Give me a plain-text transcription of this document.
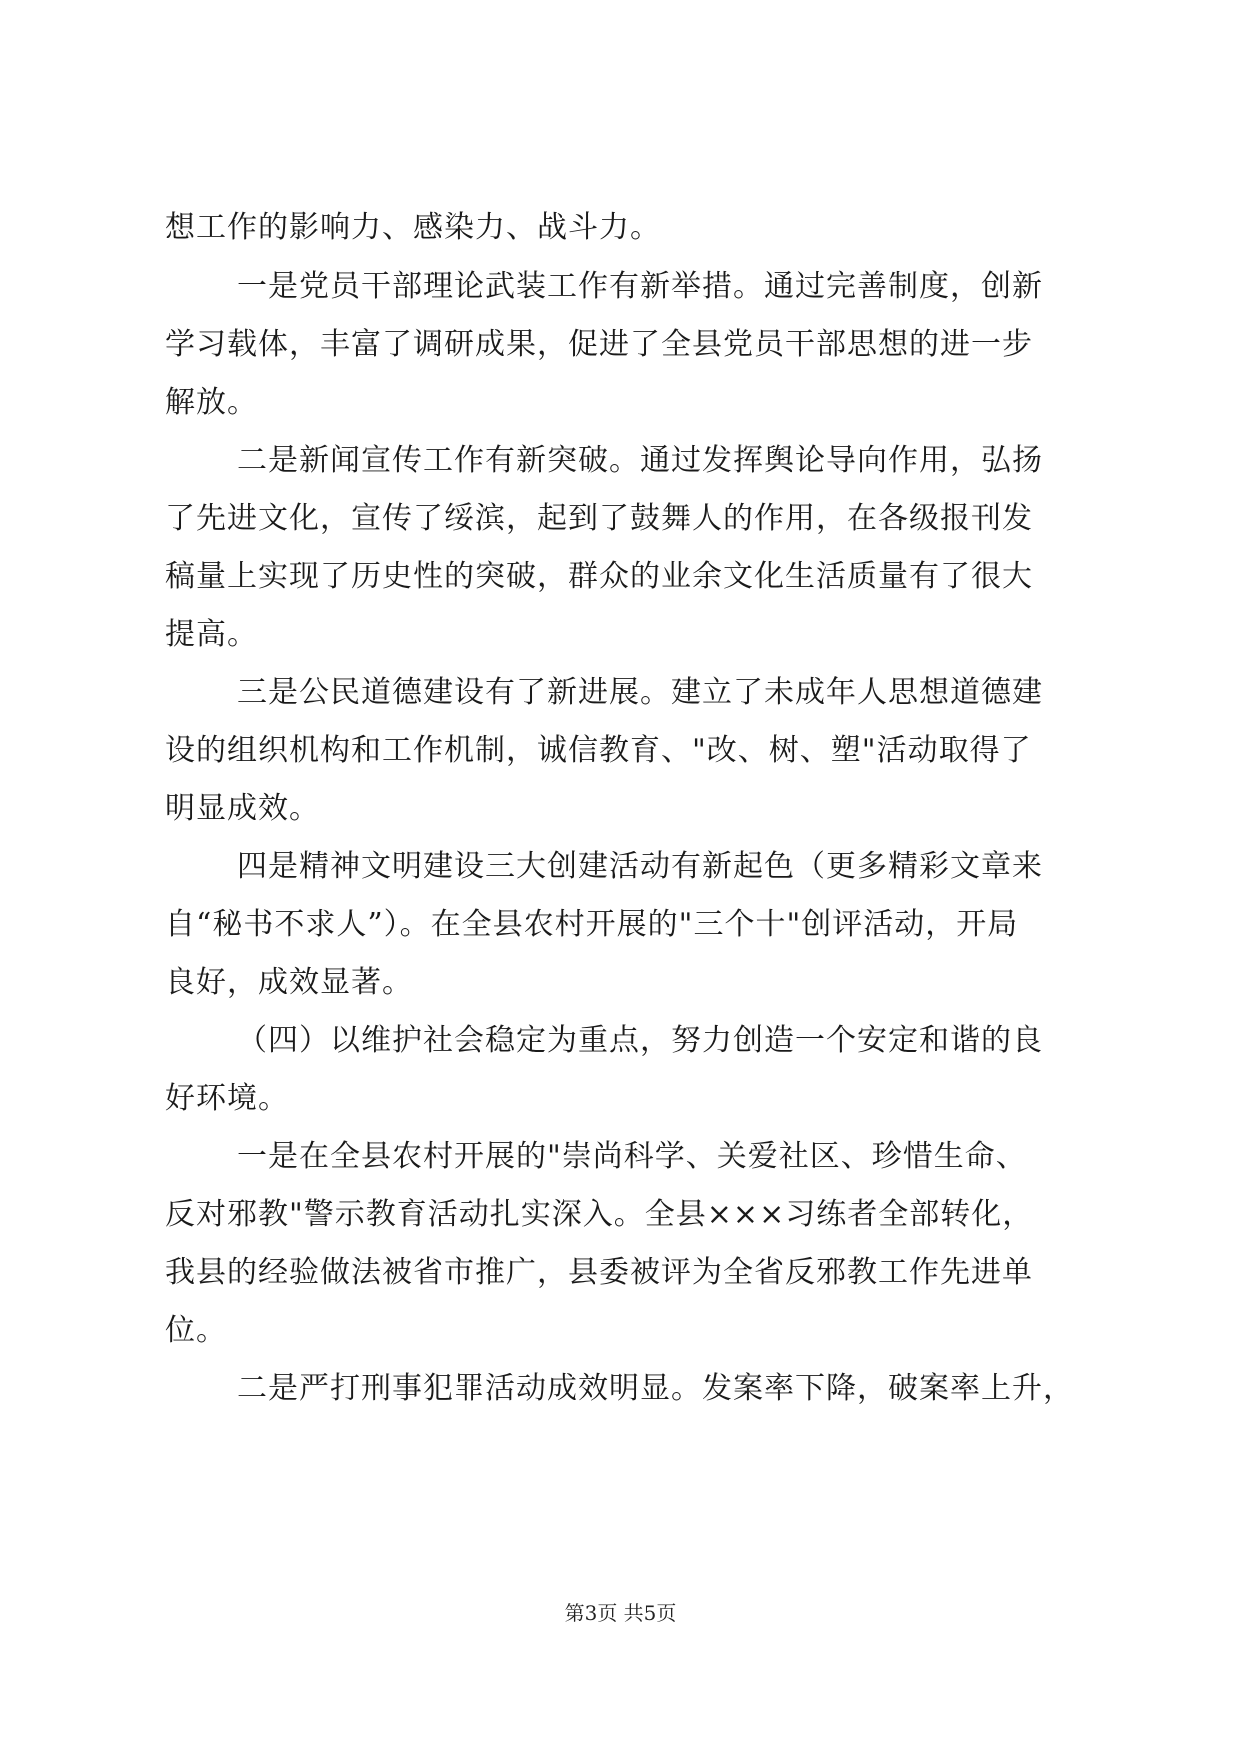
想工作的影响力、感染力、战斗力。
一是党员干部理论武装工作有新举措。通过完善制度，创新
学习载体，丰富了调研成果，促进了全县党员干部思想的进一步
解放。
二是新闻宣传工作有新突破。通过发挥舆论导向作用，弘扬
了先进文化，宣传了绥滨，起到了鼓舞人的作用，在各级报刊发
稿量上实现了历史性的突破，群众的业余文化生活质量有了很大
提高。
三是公民道德建设有了新进展。建立了未成年人思想道德建
设的组织机构和工作机制，诚信教育、"改、树、塑"活动取得了
明显成效。
四是精神文明建设三大创建活动有新起色（更多精彩文章来
自“秘书不求人”）。在全县农村开展的"三个十"创评活动，开局
良好，成效显著。
（四）以维护社会稳定为重点，努力创造一个安定和谐的良
好环境。
一是在全县农村开展的"崇尚科学、关爱社区、珍惜生命、
反对邪教"警示教育活动扎实深入。全县×××习练者全部转化，
我县的经验做法被省市推广，县委被评为全省反邪教工作先进单
位。
二是严打刑事犯罪活动成效明显。发案率下降，破案率上升，
第3页 共5页
